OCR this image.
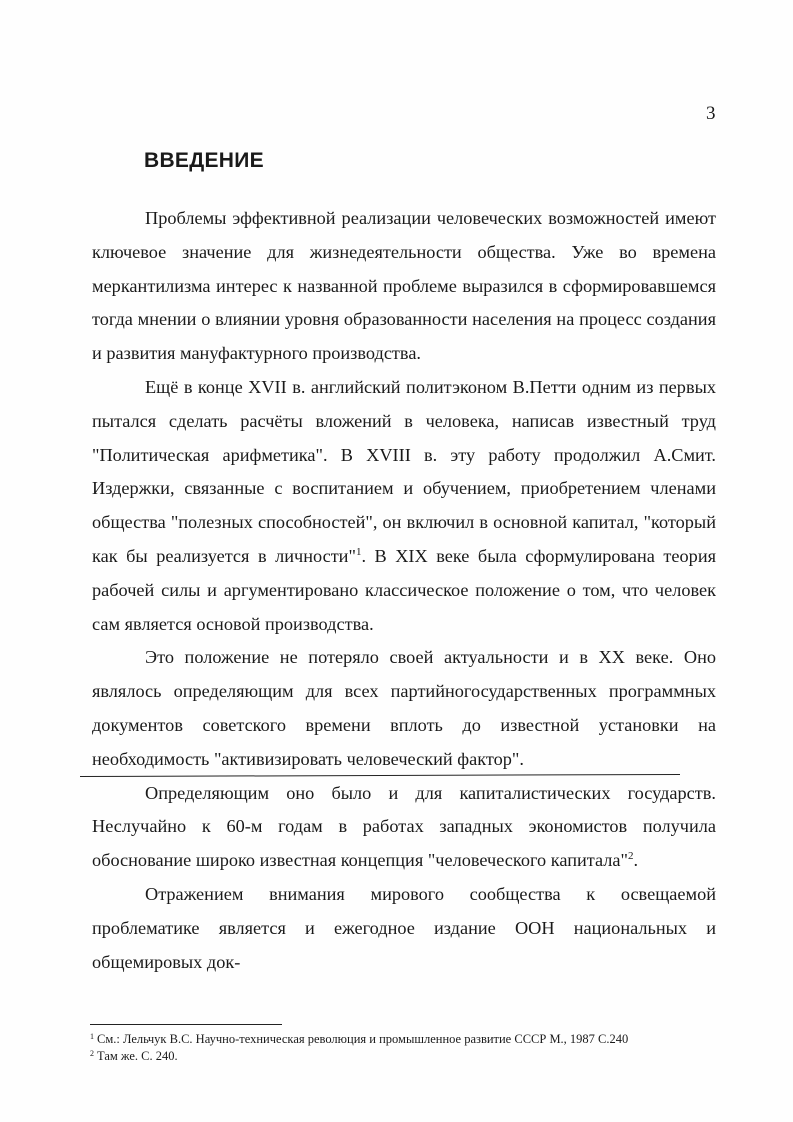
3
ВВЕДЕНИЕ

Проблемы эффективной реализации человеческих возможностей имеют ключевое значение для жизнедеятельности общества. Уже во времена меркантилизма интерес к названной проблеме выразился в сформировавшемся тогда мнении о влиянии уровня образованности населения на процесс создания и развития мануфактурного производства.

Ещё в конце XVII в. английский политэконом В.Петти одним из первых пытался сделать расчёты вложений в человека, написав известный труд "Политическая арифметика". В XVIII в. эту работу продолжил А.Смит. Издержки, связанные с воспитанием и обучением, приобретением членами общества "полезных способностей", он включил в основной капитал, "который как бы реализуется в личности"$^1$. В XIX веке была сформулирована теория рабочей силы и аргументировано классическое положение о том, что человек сам является основой производства.

Это положение не потеряло своей актуальности и в XX веке. Оно являлось определяющим для всех партийногосударственных программных документов советского времени вплоть до известной установки на необходимость "активизировать человеческий фактор".

Определяющим оно было и для капиталистических государств. Неслучайно к 60-м годам в работах западных экономистов получила обоснование широко известная концепция "человеческого капитала"$^2$.

Отражением внимания мирового сообщества к освещаемой проблематике является и ежегодное издание ООН национальных и общемировых док-

$^1$ См.: Лельчук В.С. Научно-техническая революция и промышленное развитие СССР М., 1987 С.240
$^2$ Там же. С. 240.
